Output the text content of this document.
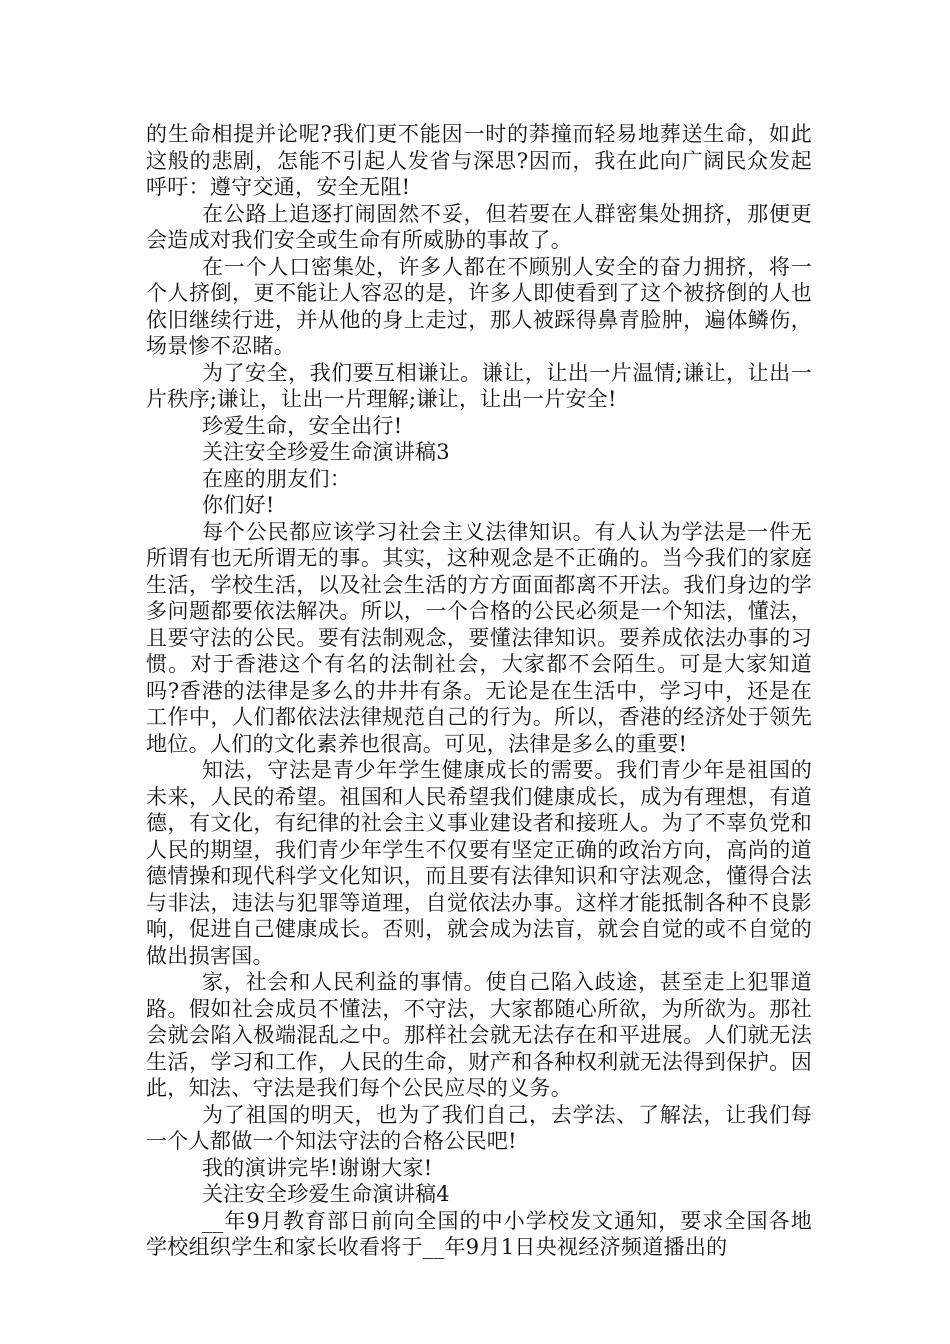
的生命相提并论呢?我们更不能因一时的莽撞而轻易地葬送生命，如此这般的悲剧，怎能不引起人发省与深思?因而，我在此向广阔民众发起呼吁：遵守交通，安全无阻!

在公路上追逐打闹固然不妥，但若要在人群密集处拥挤，那便更会造成对我们安全或生命有所威胁的事故了。

在一个人口密集处，许多人都在不顾别人安全的奋力拥挤，将一个人挤倒，更不能让人容忍的是，许多人即使看到了这个被挤倒的人也依旧继续行进，并从他的身上走过，那人被踩得鼻青脸肿，遍体鳞伤，场景惨不忍睹。

为了安全，我们要互相谦让。谦让，让出一片温情;谦让，让出一片秩序;谦让，让出一片理解;谦让，让出一片安全!

珍爱生命，安全出行!

关注安全珍爱生命演讲稿3

在座的朋友们：

你们好!

每个公民都应该学习社会主义法律知识。有人认为学法是一件无所谓有也无所谓无的事。其实，这种观念是不正确的。当今我们的家庭生活，学校生活，以及社会生活的方方面面都离不开法。我们身边的学多问题都要依法解决。所以，一个合格的公民必须是一个知法，懂法，且要守法的公民。要有法制观念，要懂法律知识。要养成依法办事的习惯。对于香港这个有名的法制社会，大家都不会陌生。可是大家知道吗?香港的法律是多么的井井有条。无论是在生活中，学习中，还是在工作中，人们都依法法律规范自己的行为。所以，香港的经济处于领先地位。人们的文化素养也很高。可见，法律是多么的重要!

知法，守法是青少年学生健康成长的需要。我们青少年是祖国的未来，人民的希望。祖国和人民希望我们健康成长，成为有理想，有道德，有文化，有纪律的社会主义事业建设者和接班人。为了不辜负党和人民的期望，我们青少年学生不仅要有坚定正确的政治方向，高尚的道德情操和现代科学文化知识，而且要有法律知识和守法观念，懂得合法与非法，违法与犯罪等道理，自觉依法办事。这样才能抵制各种不良影响，促进自己健康成长。否则，就会成为法盲，就会自觉的或不自觉的做出损害国。

家，社会和人民利益的事情。使自己陷入歧途，甚至走上犯罪道路。假如社会成员不懂法，不守法，大家都随心所欲，为所欲为。那社会就会陷入极端混乱之中。那样社会就无法存在和平进展。人们就无法生活，学习和工作，人民的生命，财产和各种权利就无法得到保护。因此，知法、守法是我们每个公民应尽的义务。

为了祖国的明天，也为了我们自己，去学法、了解法，让我们每一个人都做一个知法守法的合格公民吧!

我的演讲完毕!谢谢大家!

关注安全珍爱生命演讲稿4

__年9月教育部日前向全国的中小学校发文通知，要求全国各地学校组织学生和家长收看将于__年9月1日央视经济频道播出的
